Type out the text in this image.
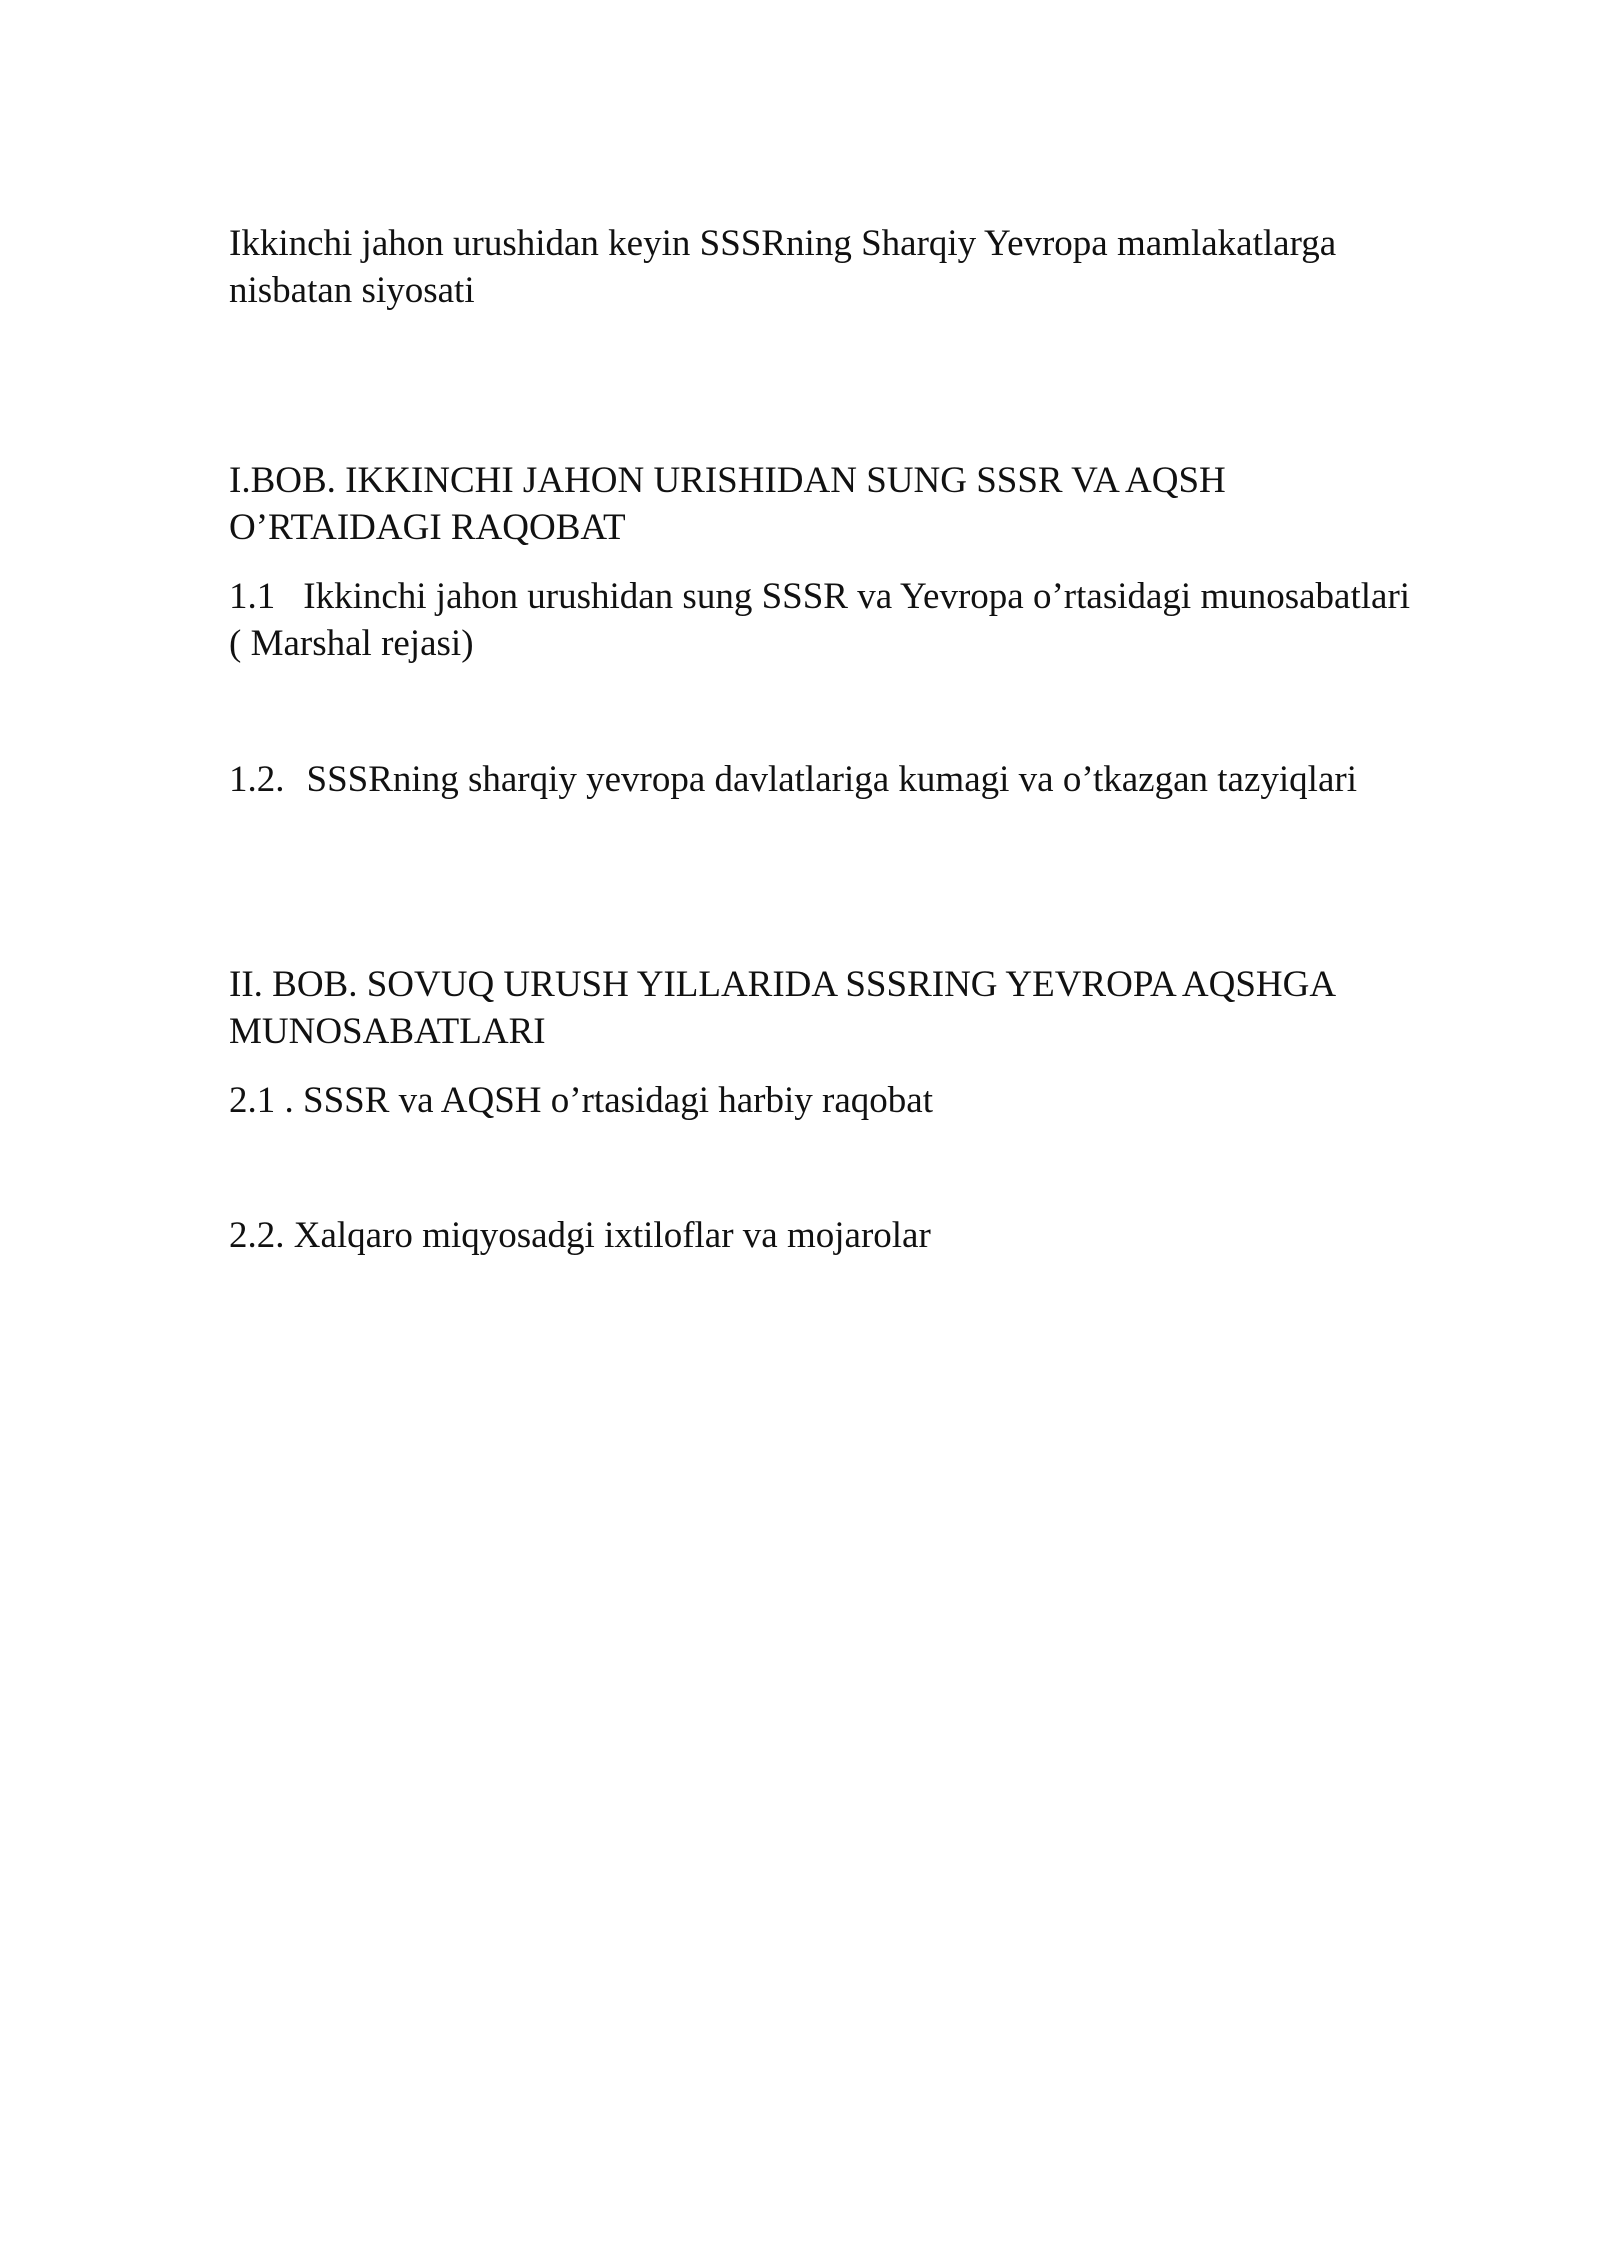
Ikkinchi jahon urushidan keyin SSSRning Sharqiy Yevropa mamlakatlarga

nisbatan siyosati

I.BOB. IKKINCHI JAHON URISHIDAN SUNG SSSR VA AQSH

O’RTAIDAGI RAQOBAT

1.1 Ikkinchi jahon urushidan sung SSSR va Yevropa o’rtasidagi munosabatlari

( Marshal rejasi)

1.2. SSSRning sharqiy yevropa davlatlariga kumagi va o’tkazgan tazyiqlari

II. BOB. SOVUQ URUSH YILLARIDA SSSRING YEVROPA AQSHGA

MUNOSABATLARI

2.1 . SSSR va AQSH o’rtasidagi harbiy raqobat

2.2. Xalqaro miqyosadgi ixtiloflar va mojarolar
